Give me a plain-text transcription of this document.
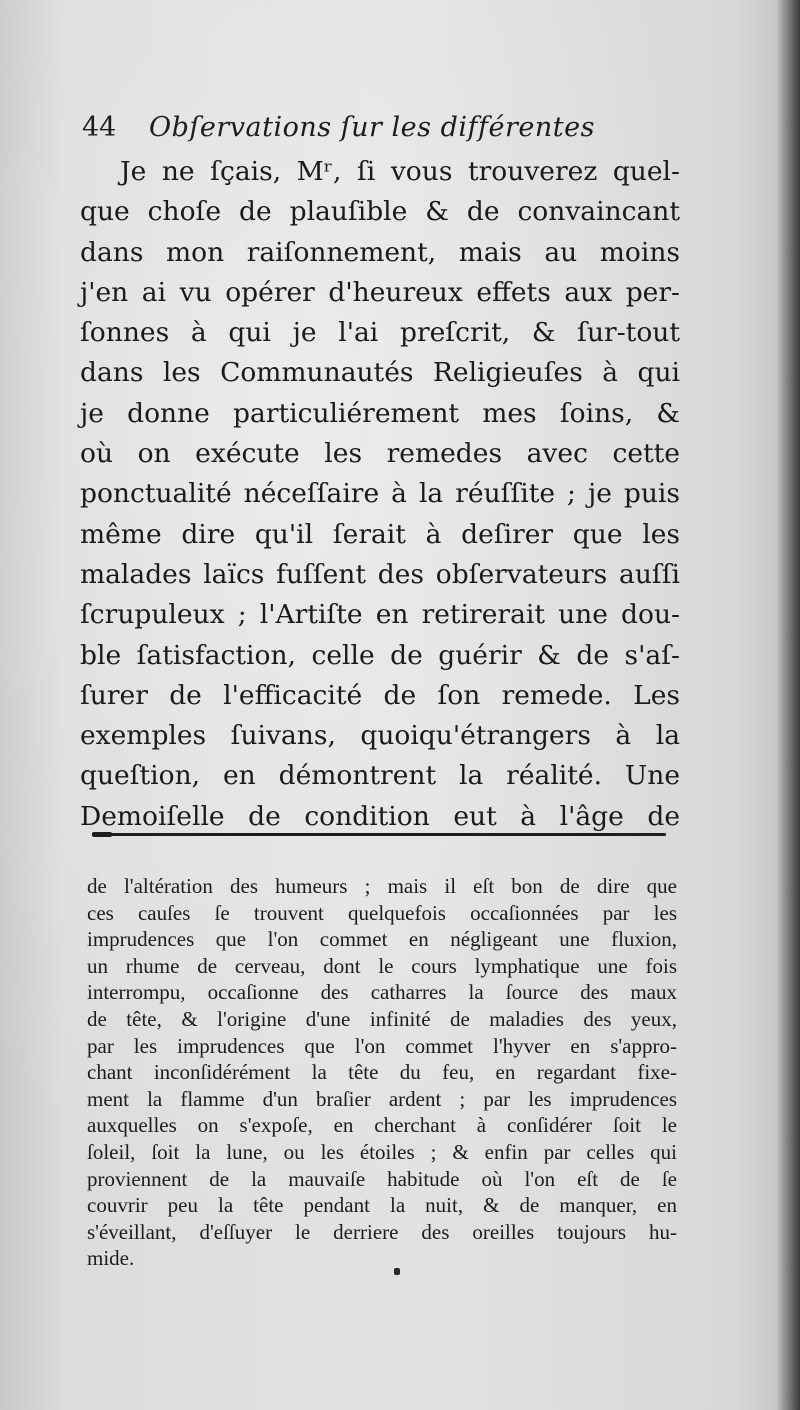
44 Obſervations ſur les différentes
Je ne ſçais, Mʳ, ſi vous trouverez quel-
que choſe de plauſible & de convaincant
dans mon raiſonnement, mais au moins
j'en ai vu opérer d'heureux effets aux per-
ſonnes à qui je l'ai preſcrit, & ſur-tout
dans les Communautés Religieuſes à qui
je donne particuliérement mes ſoins, &
où on exécute les remedes avec cette
ponctualité néceſſaire à la réuſſite ; je puis
même dire qu'il ſerait à deſirer que les
malades laïcs fuſſent des obſervateurs auſſi
ſcrupuleux ; l'Artiſte en retirerait une dou-
ble ſatisfaction, celle de guérir & de s'aſ-
ſurer de l'efficacité de ſon remede. Les
exemples ſuivans, quoiqu'étrangers à la
queſtion, en démontrent la réalité. Une
Demoiſelle de condition eut à l'âge de
de l'altération des humeurs ; mais il eſt bon de dire que
ces cauſes ſe trouvent quelquefois occaſionnées par les
imprudences que l'on commet en négligeant une fluxion,
un rhume de cerveau, dont le cours lymphatique une fois
interrompu, occaſionne des catharres la ſource des maux
de tête, & l'origine d'une infinité de maladies des yeux,
par les imprudences que l'on commet l'hyver en s'appro-
chant inconſidérément la tête du feu, en regardant fixe-
ment la flamme d'un braſier ardent ; par les imprudences
auxquelles on s'expoſe, en cherchant à conſidérer ſoit le
ſoleil, ſoit la lune, ou les étoiles ; & enfin par celles qui
proviennent de la mauvaiſe habitude où l'on eſt de ſe
couvrir peu la tête pendant la nuit, & de manquer, en
s'éveillant, d'eſſuyer le derriere des oreilles toujours hu-
mide.
